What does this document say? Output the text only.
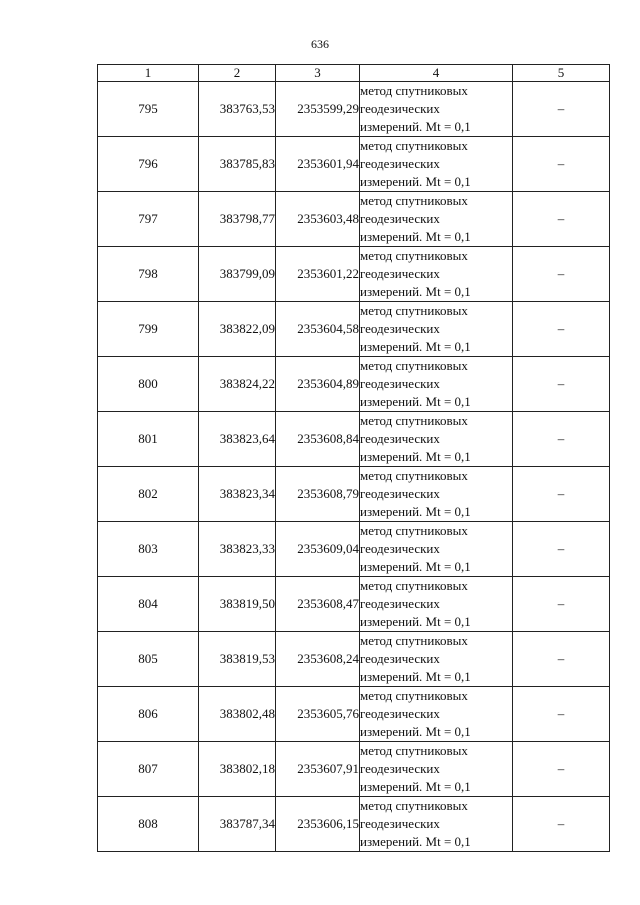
636
1	2	3	4	5
795	383763,53	2353599,29	метод спутниковых
геодезических
измерений. Mt = 0,1	–
796	383785,83	2353601,94	метод спутниковых
геодезических
измерений. Mt = 0,1	–
797	383798,77	2353603,48	метод спутниковых
геодезических
измерений. Mt = 0,1	–
798	383799,09	2353601,22	метод спутниковых
геодезических
измерений. Mt = 0,1	–
799	383822,09	2353604,58	метод спутниковых
геодезических
измерений. Mt = 0,1	–
800	383824,22	2353604,89	метод спутниковых
геодезических
измерений. Mt = 0,1	–
801	383823,64	2353608,84	метод спутниковых
геодезических
измерений. Mt = 0,1	–
802	383823,34	2353608,79	метод спутниковых
геодезических
измерений. Mt = 0,1	–
803	383823,33	2353609,04	метод спутниковых
геодезических
измерений. Mt = 0,1	–
804	383819,50	2353608,47	метод спутниковых
геодезических
измерений. Mt = 0,1	–
805	383819,53	2353608,24	метод спутниковых
геодезических
измерений. Mt = 0,1	–
806	383802,48	2353605,76	метод спутниковых
геодезических
измерений. Mt = 0,1	–
807	383802,18	2353607,91	метод спутниковых
геодезических
измерений. Mt = 0,1	–
808	383787,34	2353606,15	метод спутниковых
геодезических
измерений. Mt = 0,1	–
